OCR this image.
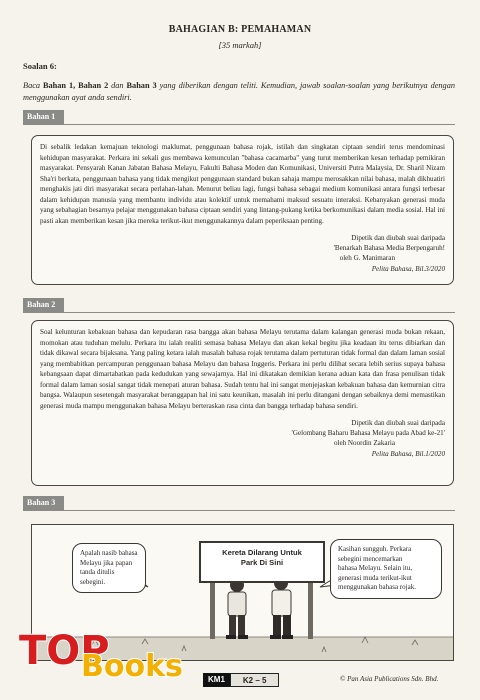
BAHAGIAN B: PEMAHAMAN
[35 markah]
Soalan 6:
Baca Bahan 1, Bahan 2 dan Bahan 3 yang diberikan dengan teliti. Kemudian, jawab soalan-soalan yang berikutnya dengan menggunakan ayat anda sendiri.
Bahan 1

Di sebalik ledakan kemajuan teknologi maklumat, penggunaan bahasa rojak, istilah dan singkatan ciptaan sendiri terus mendominasi kehidupan masyarakat. Perkara ini sekali gus membawa kemunculan "bahasa cacamarba" yang turut memberikan kesan terhadap pemikiran masyarakat. Pensyarah Kanan Jabatan Bahasa Melayu, Fakulti Bahasa Moden dan Komunikasi, Universiti Putra Malaysia, Dr. Sharil Nizam Sha'ri berkata, penggunaan bahasa yang tidak mengikut penggunaan standard bukan sahaja mampu merosakkan nilai bahasa, malah dikhuatiri menghakis jati diri masyarakat secara perlahan-lahan. Menurut beliau lagi, fungsi bahasa sebagai medium komunikasi antara fungsi terbesar dalam kehidupan manusia yang membantu individu atau kolektif untuk memahami maksud sesuatu interaksi. Kebanyakan generasi muda yang sebahagian besarnya pelajar menggunakan bahasa ciptaan sendiri yang lintang-pukang ketika berkomunikasi dalam media sosial. Hal ini pasti akan memberikan kesan jika mereka terikut-ikut menggunakannya dalam peperiksaan penting.

Dipetik dan diubah suai daripada
'Benarkah Bahasa Media Berpengaruh!
oleh G. Manimaran
Pelita Bahasa, Bil.3/2020
Bahan 2

Soal kelunturan kebakuan bahasa dan kepudaran rasa bangga akan bahasa Melayu terutama dalam kalangan generasi muda bukan rekaan, momokan atau tuduhan melulu. Perkara itu ialah realiti semasa bahasa Melayu dan akan kekal begitu jika keadaan itu terus dibiarkan dan tidak dikawal secara bijaksana. Yang paling ketara ialah masalah bahasa rojak terutama dalam pertuturan tidak formal dan dalam laman sosial yang membabitkan percampuran penggunaan bahasa Melayu dan bahasa Inggeris. Perkara ini perlu dilihat secara lebih serius supaya bahasa kebangsaan dapat dimartabatkan pada kedudukan yang sewajarnya. Hal ini dikatakan demikian kerana aduan kata dan frasa penulisan tidak formal dalam laman sosial sangat tidak menepati aturan bahasa. Sudah tentu hal ini sangat menjejaskan kebakuan bahasa dan kemurnian citra bangsa. Walaupun sesetengah masyarakat beranggapan hal ini satu keunikan, masalah ini perlu ditangani dengan sebaiknya demi memastikan generasi muda mampu menggunakan bahasa Melayu berteraskan rasa cinta dan bangga terhadap bahasa sendiri.

Dipetik dan diubah suai daripada
'Gelombang Baharu Bahasa Melayu pada Abad ke-21'
oleh Noordin Zakaria
Pelita Bahasa, Bil.1/2020
Bahan 3
Kereta Dilarang Untuk
Park Di Sini
Apalah nasib bahasa
Melayu jika papan
tanda ditulis sebegini.
Kasihan sungguh. Perkara
sebegini mencemarkan
bahasa Melayu. Selain itu,
generasi muda terikut-ikut
menggunakan bahasa rojak.
TOP
Books	KM1	K2 – 5	© Pan Asia Publications Sdn. Bhd.
